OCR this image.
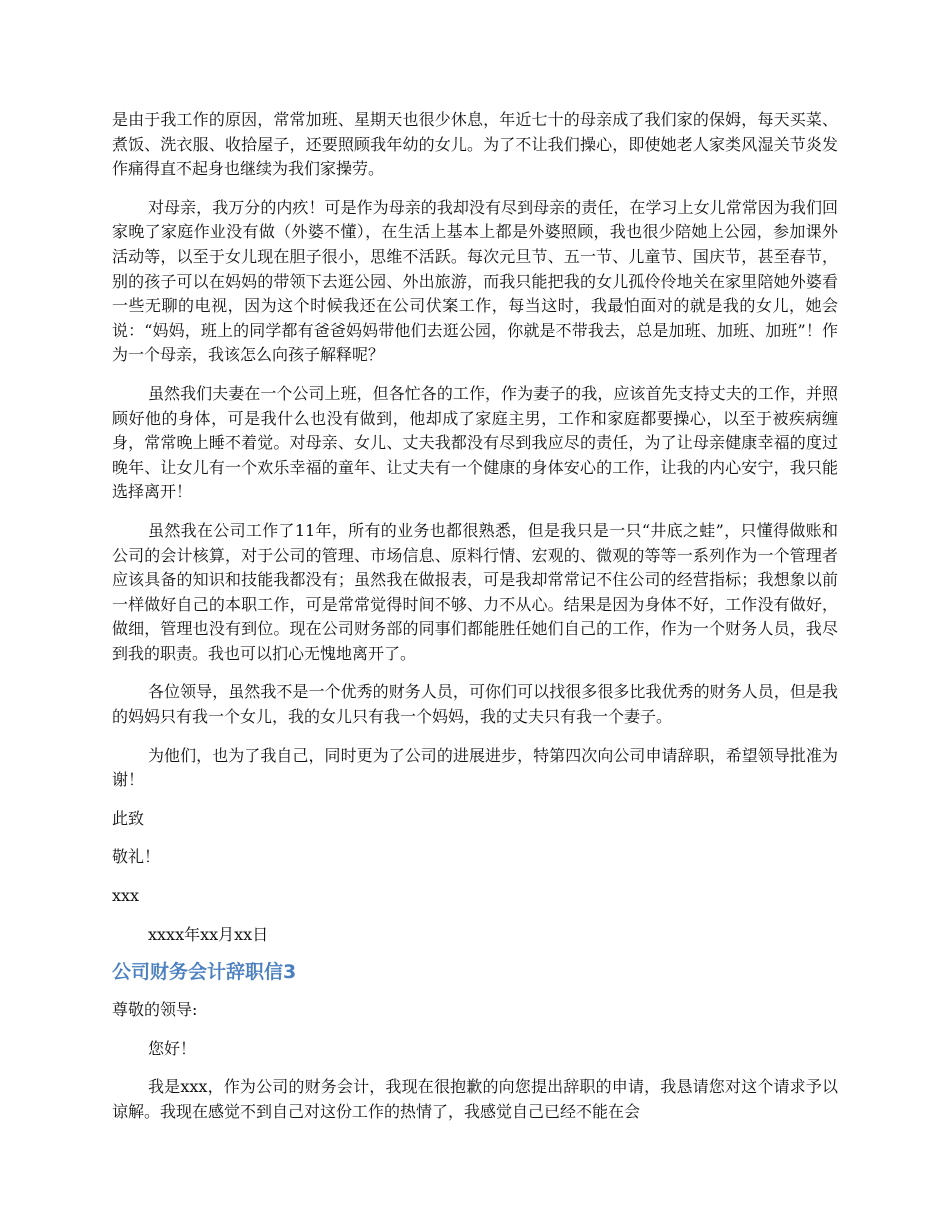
是由于我工作的原因，常常加班、星期天也很少休息，年近七十的母亲成了我们家的保姆，每天买菜、煮饭、洗衣服、收拾屋子，还要照顾我年幼的女儿。为了不让我们操心，即使她老人家类风湿关节炎发作痛得直不起身也继续为我们家操劳。

对母亲，我万分的内疚！可是作为母亲的我却没有尽到母亲的责任，在学习上女儿常常因为我们回家晚了家庭作业没有做（外婆不懂），在生活上基本上都是外婆照顾，我也很少陪她上公园，参加课外活动等，以至于女儿现在胆子很小，思维不活跃。每次元旦节、五一节、儿童节、国庆节，甚至春节，别的孩子可以在妈妈的带领下去逛公园、外出旅游，而我只能把我的女儿孤伶伶地关在家里陪她外婆看一些无聊的电视，因为这个时候我还在公司伏案工作，每当这时，我最怕面对的就是我的女儿，她会说：“妈妈，班上的同学都有爸爸妈妈带他们去逛公园，你就是不带我去，总是加班、加班、加班”！作为一个母亲，我该怎么向孩子解释呢？

虽然我们夫妻在一个公司上班，但各忙各的工作，作为妻子的我，应该首先支持丈夫的工作，并照顾好他的身体，可是我什么也没有做到，他却成了家庭主男，工作和家庭都要操心，以至于被疾病缠身，常常晚上睡不着觉。对母亲、女儿、丈夫我都没有尽到我应尽的责任，为了让母亲健康幸福的度过晚年、让女儿有一个欢乐幸福的童年、让丈夫有一个健康的身体安心的工作，让我的内心安宁，我只能选择离开！

虽然我在公司工作了11年，所有的业务也都很熟悉，但是我只是一只“井底之蛙”，只懂得做账和公司的会计核算，对于公司的管理、市场信息、原料行情、宏观的、微观的等等一系列作为一个管理者应该具备的知识和技能我都没有；虽然我在做报表，可是我却常常记不住公司的经营指标；我想象以前一样做好自己的本职工作，可是常常觉得时间不够、力不从心。结果是因为身体不好，工作没有做好，做细，管理也没有到位。现在公司财务部的同事们都能胜任她们自己的工作，作为一个财务人员，我尽到我的职责。我也可以扪心无愧地离开了。

各位领导，虽然我不是一个优秀的财务人员，可你们可以找很多很多比我优秀的财务人员，但是我的妈妈只有我一个女儿，我的女儿只有我一个妈妈，我的丈夫只有我一个妻子。

为他们，也为了我自己，同时更为了公司的进展进步，特第四次向公司申请辞职，希望领导批准为谢！

此致

敬礼！

xxx

xxxx年xx月xx日

公司财务会计辞职信3

尊敬的领导:

您好！

我是xxx，作为公司的财务会计，我现在很抱歉的向您提出辞职的申请，我恳请您对这个请求予以谅解。我现在感觉不到自己对这份工作的热情了，我感觉自己已经不能在会
